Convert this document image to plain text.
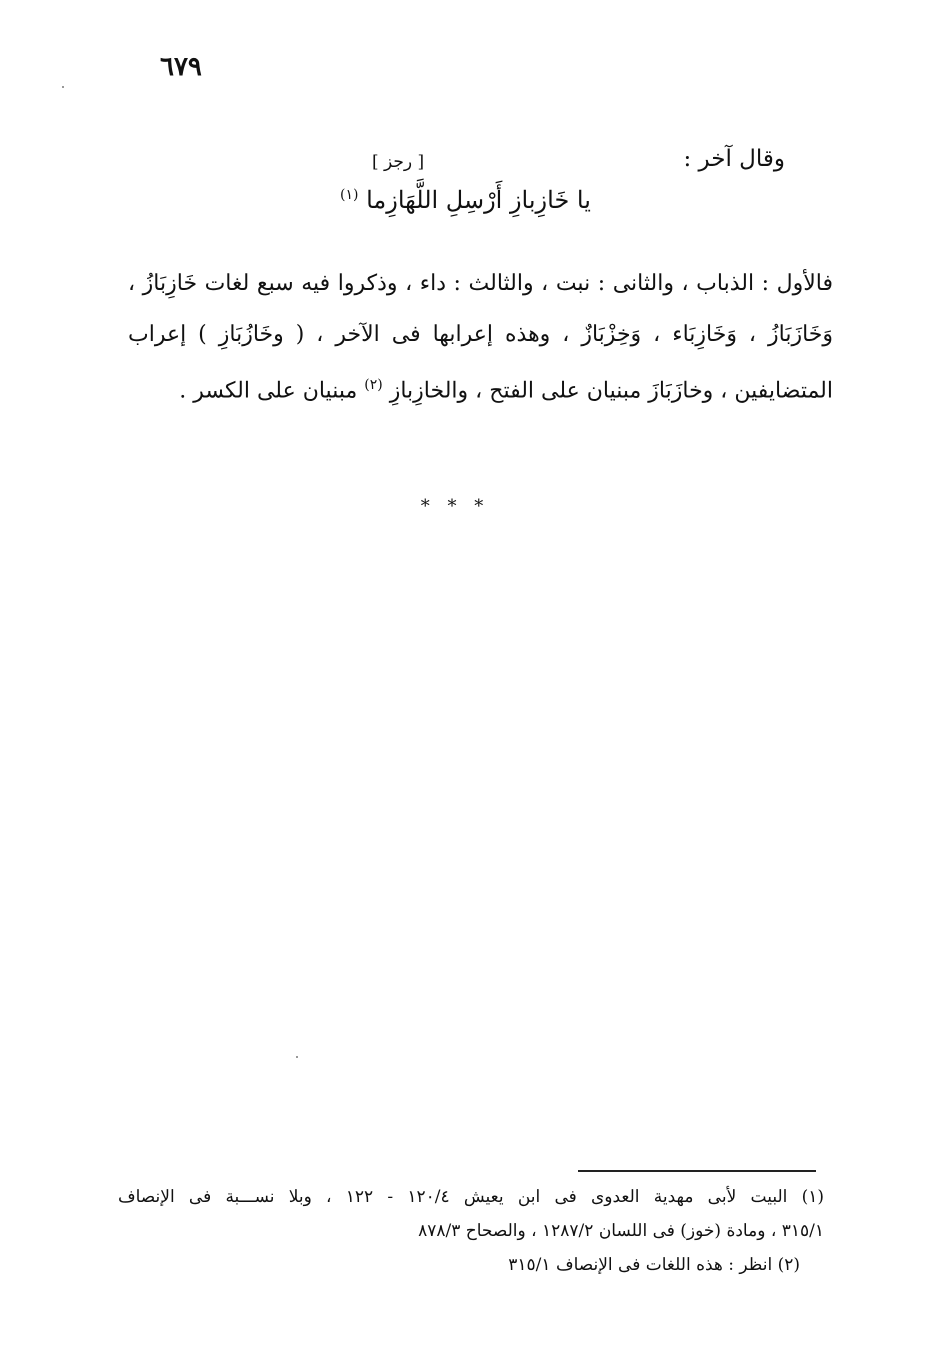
٦٧٩
وقال آخر :
[ رجز ]
يا خَازِبازِ أَرْسِلِ اللَّهَازِما $^{(١)}$
فالأول : الذباب ، والثانى : نبت ، والثالث : داء ، وذكروا فيه سبع لغات خَازِبَازُ ، وَخَازَبَازُ ، وَخَازِبَاء ، وَخِزْبَازٌ ، وهذه إعرابها فى الآخر ، ( وخَازُبَازِ ) إعراب المتضايفين ، وخازَبَازَ مبنيان على الفتح ، والخازِبازِ $^{(٢)}$ مبنيان على الكسر .
* * *
(١) البيت لأبى مهدية العدوى فى ابن يعيش ١٢٠/٤ - ١٢٢ ، وبلا نســـبة فى الإنصاف
٣١٥/١ ، ومادة (خوز) فى اللسان ١٢٨٧/٢ ، والصحاح ٨٧٨/٣
(٢) انظر : هذه اللغات فى الإنصاف ٣١٥/١
